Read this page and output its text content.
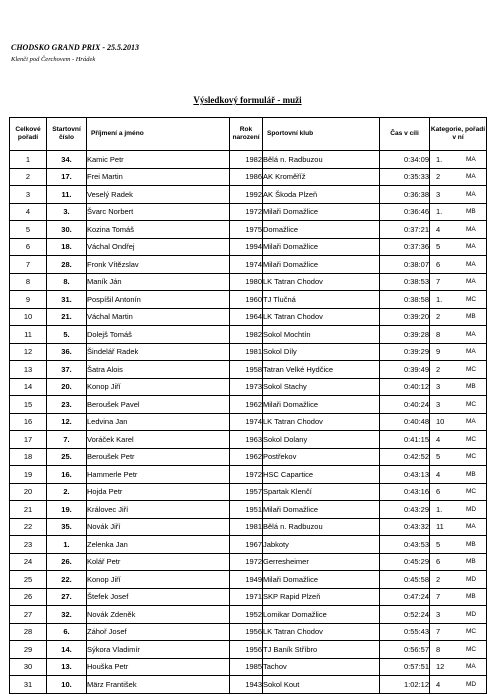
CHODSKO GRAND PRIX - 25.5.2013
Klenči pod Čerchovem - Hrádek
Výsledkový formulář - muži
Celkové pořadí	Startovní číslo	Příjmení a jméno	Rok narození	Sportovní klub	Čas v cíli	Kategorie, pořadí v ní
1	34.	Kamic Petr	1982	Bělá n. Radbuzou	0:34:09	1. MA

2	17.	Frei Martin	1986	AK Kroměříž	0:35:33	2 MA

3	11.	Veselý Radek	1992	AK Škoda Plzeň	0:36:38	3 MA

4	3.	Švarc Norbert	1972	Milaři Domažlice	0:36:46	1. MB

5	30.	Kozina Tomáš	1975	Domažlice	0:37:21	4 MA

6	18.	Váchal Ondřej	1994	Milaři Domažlice	0:37:36	5 MA

7	28.	Fronk Vítězslav	1974	Milaři Domažlice	0:38:07	6 MA

8	8.	Maník Ján	1980	LK Tatran Chodov	0:38:53	7 MA

9	31.	Pospíšil Antonín	1960	TJ Tlučná	0:38:58	1. MC

10	21.	Váchal Martin	1964	LK Tatran Chodov	0:39:20	2 MB

11	5.	Dolejš Tomáš	1982	Sokol Mochtín	0:39:28	8 MA

12	36.	Šindelář Radek	1981	Sokol Díly	0:39:29	9 MA

13	37.	Šatra Alois	1958	Tatran Velké Hydčice	0:39:49	2 MC

14	20.	Konop Jiří	1973	Sokol Stachy	0:40:12	3 MB

15	23.	Beroušek Pavel	1962	Milaři Domažlice	0:40:24	3 MC

16	12.	Ledvina Jan	1974	LK Tatran Chodov	0:40:48	10 MA

17	7.	Voráček Karel	1963	Sokol Dolany	0:41:15	4 MC

18	25.	Beroušek Petr	1962	Postřekov	0:42:52	5 MC

19	16.	Hammerle Petr	1972	HSC Capartice	0:43:13	4 MB

20	2.	Hojda Petr	1957	Spartak Klenčí	0:43:16	6 MC

21	19.	Královec Jiří	1951	Milaři Domažlice	0:43:29	1. MD

22	35.	Novák Jiří	1981	Bělá n. Radbuzou	0:43:32	11 MA

23	1.	Zelenka Jan	1967	Jabkoty	0:43:53	5 MB

24	26.	Kolář Petr	1972	Gerresheimer	0:45:29	6 MB

25	22.	Konop Jiří	1949	Milaři Domažlice	0:45:58	2 MD

26	27.	Štefek Josef	1971	SKP Rapid Plzeň	0:47:24	7 MB

27	32.	Novák Zdeněk	1952	Lomikar Domažlice	0:52:24	3 MD

28	6.	Záhoř Josef	1956	LK Tatran Chodov	0:55:43	7 MC

29	14.	Sýkora Vladimír	1956	TJ Baník Stříbro	0:56:57	8 MC

30	13.	Houška Petr	1985	Tachov	0:57:51	12 MA

31	10.	März František	1943	Sokol Kout	1:02:12	4 MD
